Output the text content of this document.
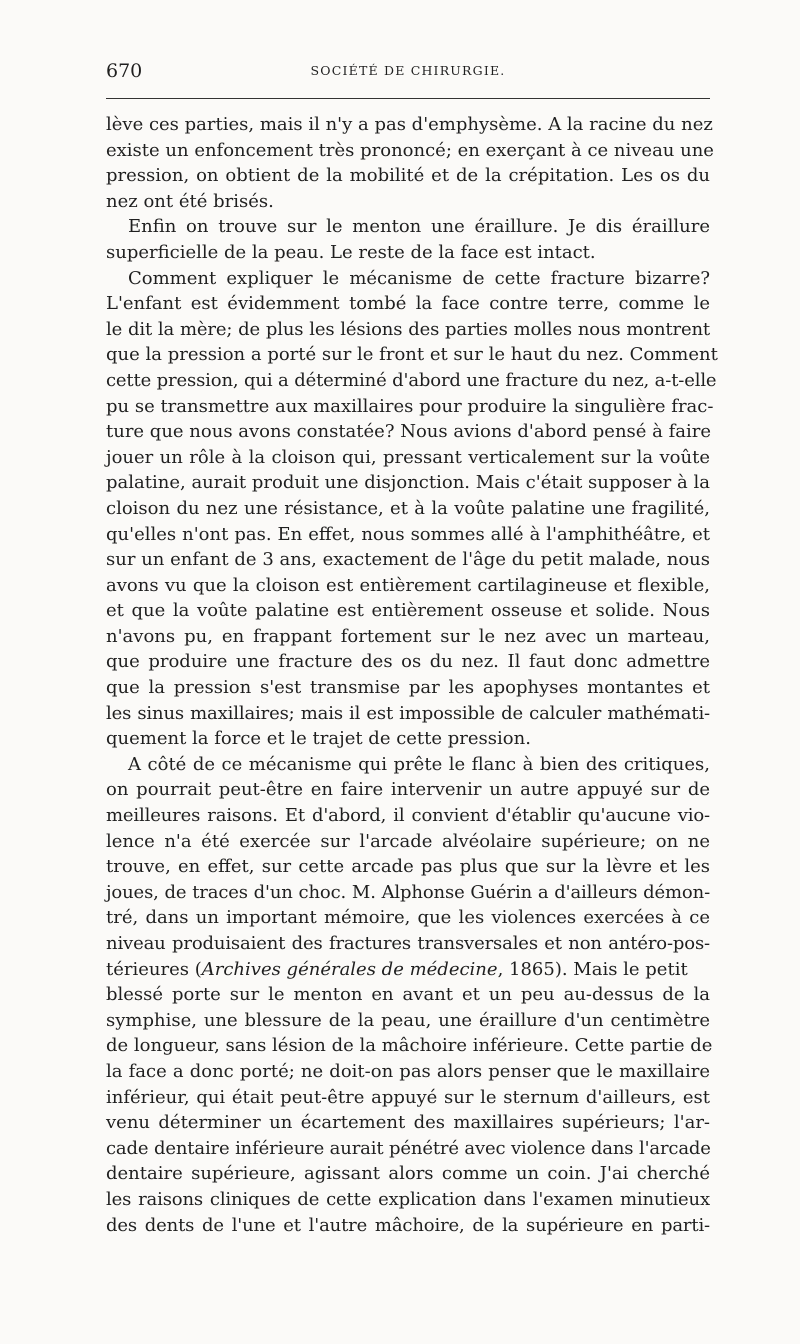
670	SOCIÉTÉ DE CHIRURGIE.
lève ces parties, mais il n'y a pas d'emphysème. A la racine du nez
existe un enfoncement très prononcé; en exerçant à ce niveau une
pression, on obtient de la mobilité et de la crépitation. Les os du
nez ont été brisés.
Enfin on trouve sur le menton une éraillure. Je dis éraillure
superficielle de la peau. Le reste de la face est intact.
Comment expliquer le mécanisme de cette fracture bizarre?
L'enfant est évidemment tombé la face contre terre, comme le
le dit la mère; de plus les lésions des parties molles nous montrent
que la pression a porté sur le front et sur le haut du nez. Comment
cette pression, qui a déterminé d'abord une fracture du nez, a-t-elle
pu se transmettre aux maxillaires pour produire la singulière frac-
ture que nous avons constatée? Nous avions d'abord pensé à faire
jouer un rôle à la cloison qui, pressant verticalement sur la voûte
palatine, aurait produit une disjonction. Mais c'était supposer à la
cloison du nez une résistance, et à la voûte palatine une fragilité,
qu'elles n'ont pas. En effet, nous sommes allé à l'amphithéâtre, et
sur un enfant de 3 ans, exactement de l'âge du petit malade, nous
avons vu que la cloison est entièrement cartilagineuse et flexible,
et que la voûte palatine est entièrement osseuse et solide. Nous
n'avons pu, en frappant fortement sur le nez avec un marteau,
que produire une fracture des os du nez. Il faut donc admettre
que la pression s'est transmise par les apophyses montantes et
les sinus maxillaires; mais il est impossible de calculer mathémati-
quement la force et le trajet de cette pression.
A côté de ce mécanisme qui prête le flanc à bien des critiques,
on pourrait peut-être en faire intervenir un autre appuyé sur de
meilleures raisons. Et d'abord, il convient d'établir qu'aucune vio-
lence n'a été exercée sur l'arcade alvéolaire supérieure; on ne
trouve, en effet, sur cette arcade pas plus que sur la lèvre et les
joues, de traces d'un choc. M. Alphonse Guérin a d'ailleurs démon-
tré, dans un important mémoire, que les violences exercées à ce
niveau produisaient des fractures transversales et non antéro-pos-
térieures (Archives générales de médecine, 1865). Mais le petit
blessé porte sur le menton en avant et un peu au-dessus de la
symphise, une blessure de la peau, une éraillure d'un centimètre
de longueur, sans lésion de la mâchoire inférieure. Cette partie de
la face a donc porté; ne doit-on pas alors penser que le maxillaire
inférieur, qui était peut-être appuyé sur le sternum d'ailleurs, est
venu déterminer un écartement des maxillaires supérieurs; l'ar-
cade dentaire inférieure aurait pénétré avec violence dans l'arcade
dentaire supérieure, agissant alors comme un coin. J'ai cherché
les raisons cliniques de cette explication dans l'examen minutieux
des dents de l'une et l'autre mâchoire, de la supérieure en parti-
